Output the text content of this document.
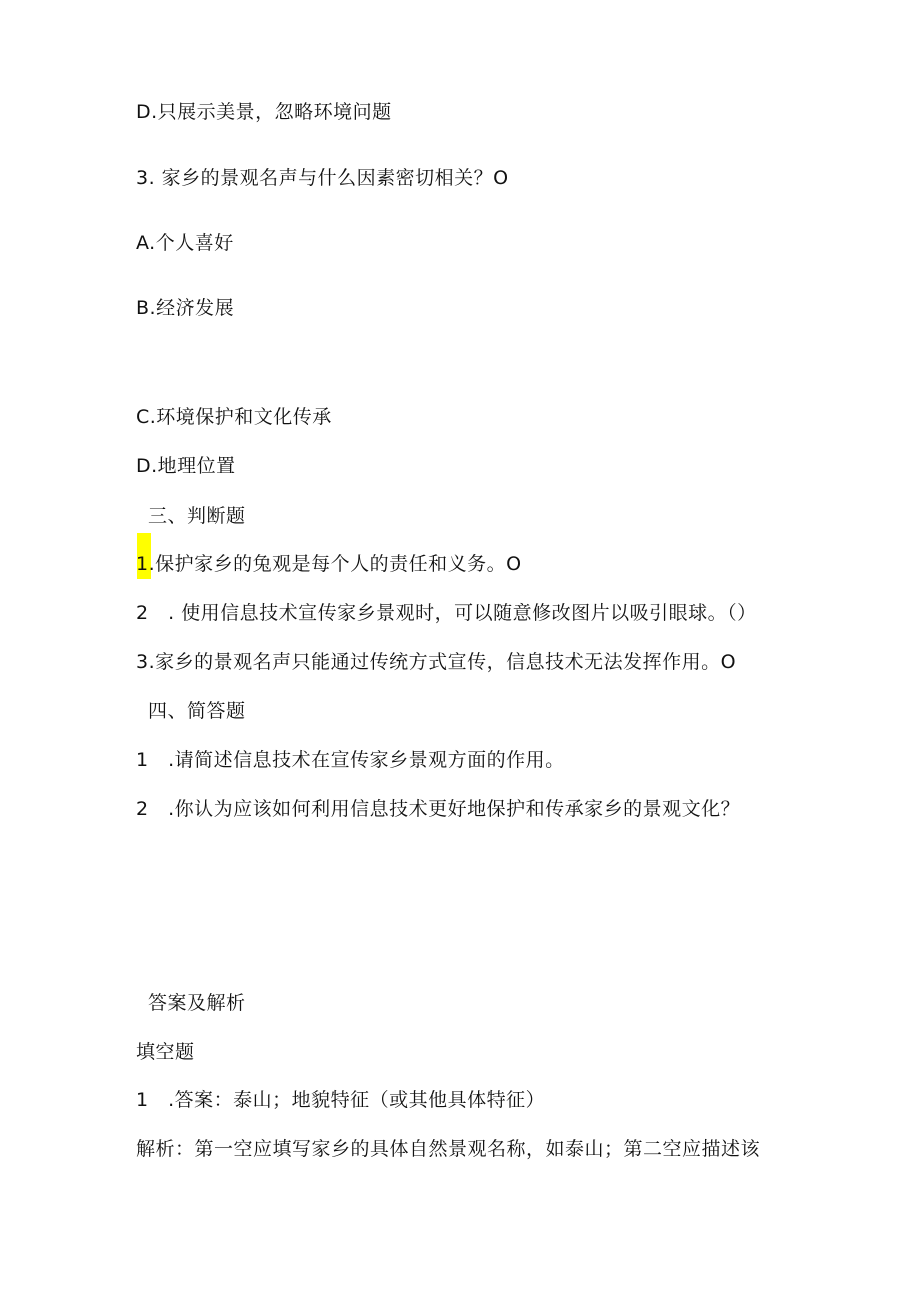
D.只展示美景，忽略环境问题
3. 家乡的景观名声与什么因素密切相关？O
A.个人喜好
B.经济发展
C.环境保护和文化传承
D.地理位置
三、判断题
1.保护家乡的兔观是每个人的责任和义务。O
2　. 使用信息技术宣传家乡景观时，可以随意修改图片以吸引眼球。（）
3.家乡的景观名声只能通过传统方式宣传，信息技术无法发挥作用。O
四、简答题
1　.请简述信息技术在宣传家乡景观方面的作用。
2　.你认为应该如何利用信息技术更好地保护和传承家乡的景观文化？
答案及解析
填空题
1　.答案：泰山；地貌特征（或其他具体特征）
解析：第一空应填写家乡的具体自然景观名称，如泰山；第二空应描述该
